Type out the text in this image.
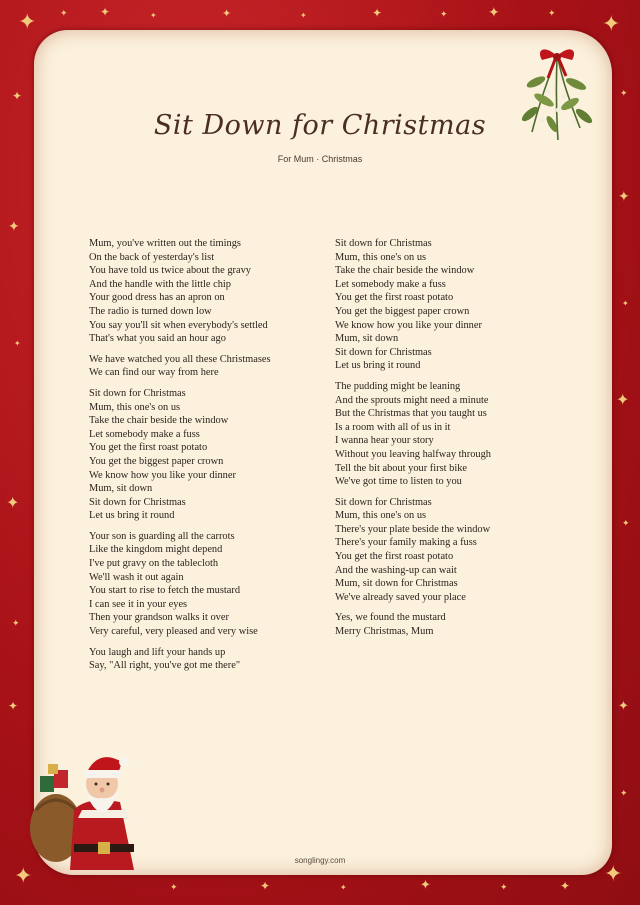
✦	✦	✦	✦	✦	✦	✦	✦	✦	✦ ✦
✦
✦
✦
✦
✦
✦
✦
✦
✦
✦
✦
✦
✦
✦	✦	✦	✦	✦	✦	✦ ✦
Sit Down for Christmas
For Mum · Christmas
Mum, you've written out the timings
On the back of yesterday's list
You have told us twice about the gravy
And the handle with the little chip
Your good dress has an apron on
The radio is turned down low
You say you'll sit when everybody's settled
That's what you said an hour ago
We have watched you all these Christmases
We can find our way from here
Sit down for Christmas
Mum, this one's on us
Take the chair beside the window
Let somebody make a fuss
You get the first roast potato
You get the biggest paper crown
We know how you like your dinner
Mum, sit down
Sit down for Christmas
Let us bring it round
Your son is guarding all the carrots
Like the kingdom might depend
I've put gravy on the tablecloth
We'll wash it out again
You start to rise to fetch the mustard
I can see it in your eyes
Then your grandson walks it over
Very careful, very pleased and very wise
You laugh and lift your hands up
Say, "All right, you've got me there"
Sit down for Christmas
Mum, this one's on us
Take the chair beside the window
Let somebody make a fuss
You get the first roast potato
You get the biggest paper crown
We know how you like your dinner
Mum, sit down
Sit down for Christmas
Let us bring it round
The pudding might be leaning
And the sprouts might need a minute
But the Christmas that you taught us
Is a room with all of us in it
I wanna hear your story
Without you leaving halfway through
Tell the bit about your first bike
We've got time to listen to you
Sit down for Christmas
Mum, this one's on us
There's your plate beside the window
There's your family making a fuss
You get the first roast potato
And the washing-up can wait
Mum, sit down for Christmas
We've already saved your place
Yes, we found the mustard
Merry Christmas, Mum
songlingy.com
